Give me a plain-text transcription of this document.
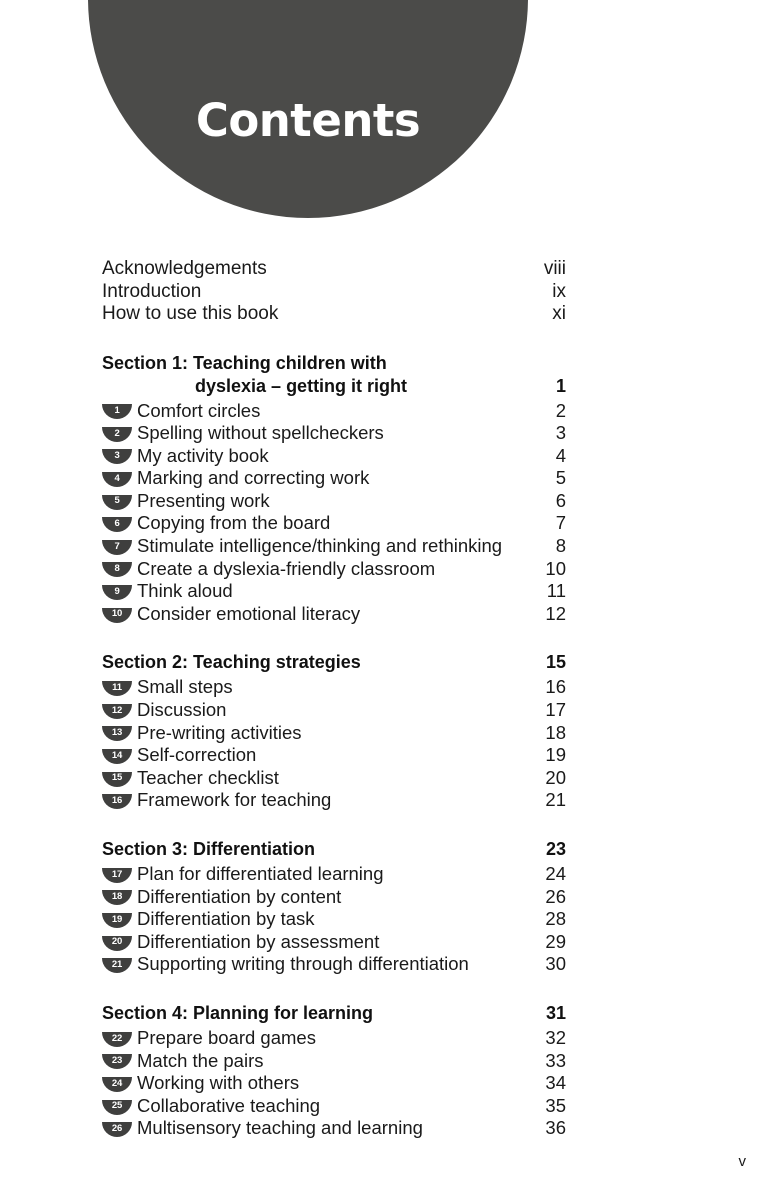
Contents
Acknowledgements	viii
Introduction	ix
How to use this book	xi
Section 1: Teaching children with
dyslexia – getting it right	1
1 Comfort circles	2
2 Spelling without spellcheckers	3
3 My activity book	4
4 Marking and correcting work	5
5 Presenting work	6
6 Copying from the board	7
7 Stimulate intelligence/thinking and rethinking	8
8 Create a dyslexia-friendly classroom	10
9 Think aloud	11
10 Consider emotional literacy	12
Section 2: Teaching strategies	15
11 Small steps	16
12 Discussion	17
13 Pre-writing activities	18
14 Self-correction	19
15 Teacher checklist	20
16 Framework for teaching	21
Section 3: Differentiation	23
17 Plan for differentiated learning	24
18 Differentiation by content	26
19 Differentiation by task	28
20 Differentiation by assessment	29
21 Supporting writing through differentiation	30
Section 4: Planning for learning	31
22 Prepare board games	32
23 Match the pairs	33
24 Working with others	34
25 Collaborative teaching	35
26 Multisensory teaching and learning	36
v
